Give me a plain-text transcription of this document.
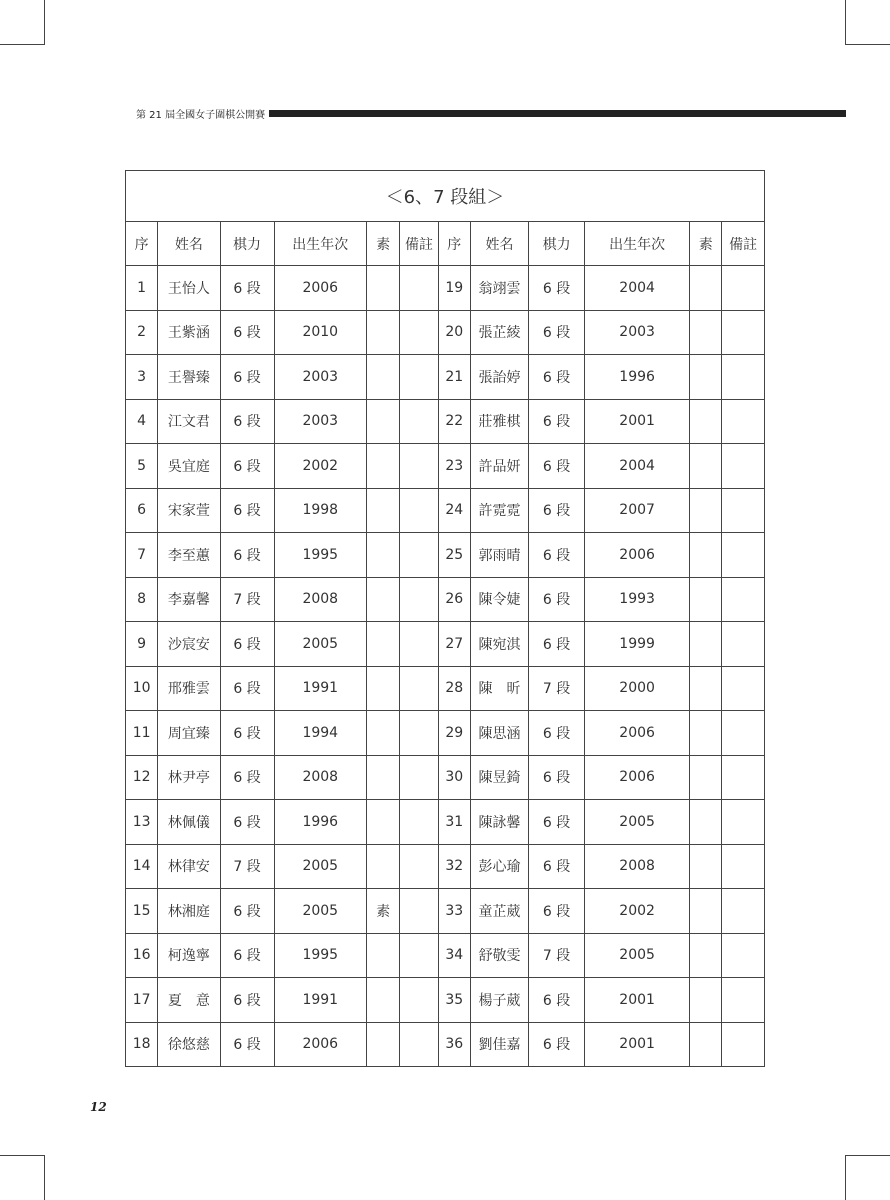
第 21 屆全國女子圍棋公開賽
＜6、7 段組＞											
序	姓名	棋力	出生年次	素	備註	序	姓名	棋力	出生年次	素	備註
1	王怡人	6 段	2006			19	翁翊雲	6 段	2004		
2	王紫涵	6 段	2010			20	張芷綾	6 段	2003		
3	王譽臻	6 段	2003			21	張詒婷	6 段	1996		
4	江文君	6 段	2003			22	莊雅棋	6 段	2001		
5	吳宜庭	6 段	2002			23	許品妍	6 段	2004		
6	宋家萱	6 段	1998			24	許霓霓	6 段	2007		
7	李至蕙	6 段	1995			25	郭雨晴	6 段	2006		
8	李嘉馨	7 段	2008			26	陳令婕	6 段	1993		
9	沙宸安	6 段	2005			27	陳宛淇	6 段	1999		
10	邢雅雲	6 段	1991			28	陳　昕	7 段	2000		
11	周宜臻	6 段	1994			29	陳思涵	6 段	2006		
12	林尹亭	6 段	2008			30	陳昱錡	6 段	2006		
13	林佩儀	6 段	1996			31	陳詠馨	6 段	2005		
14	林律安	7 段	2005			32	彭心瑜	6 段	2008		
15	林湘庭	6 段	2005	素		33	童芷葳	6 段	2002		
16	柯逸寧	6 段	1995			34	舒敬雯	7 段	2005		
17	夏　意	6 段	1991			35	楊子葳	6 段	2001		
18	徐悠慈	6 段	2006			36	劉佳嘉	6 段	2001		
12
